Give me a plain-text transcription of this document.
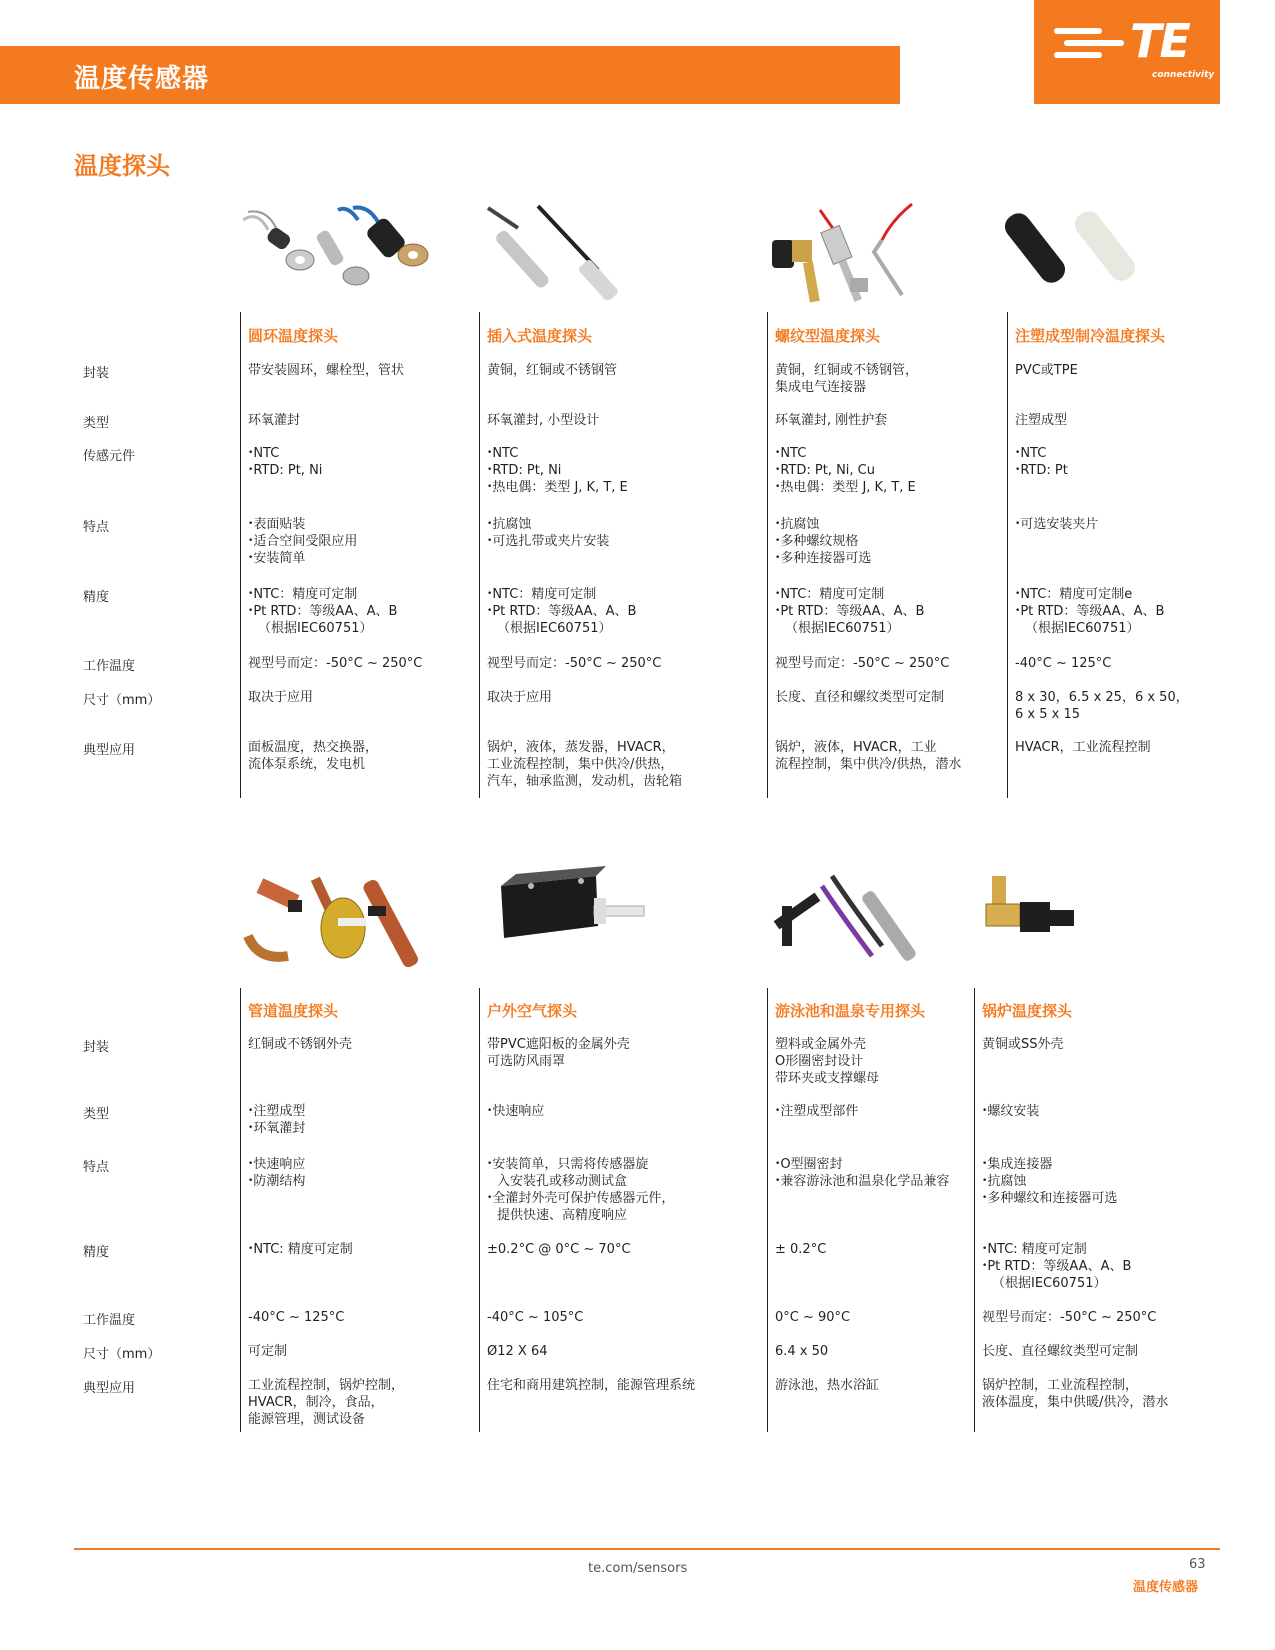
温度传感器
TE
connectivity
温度探头
封装
类型
传感元件
特点
精度
工作温度
尺寸（mm）
典型应用
圆环温度探头
带安装圆环，螺栓型，管状
环氧灌封
• NTC
• RTD: Pt, Ni
• 表面贴装
• 适合空间受限应用
• 安装简单
• NTC：精度可定制
• Pt RTD：等级AA、A、B
（根据IEC60751）
视型号而定：-50°C ~ 250°C
取决于应用
面板温度，热交换器，
流体泵系统，发电机
插入式温度探头
黄铜，红铜或不锈钢管
环氧灌封, 小型设计
• NTC
• RTD: Pt, Ni
• 热电偶：类型 J, K, T, E
• 抗腐蚀
• 可选扎带或夹片安装
• NTC：精度可定制
• Pt RTD：等级AA、A、B
（根据IEC60751）
视型号而定：-50°C ~ 250°C
取决于应用
锅炉，液体，蒸发器，HVACR，
工业流程控制，集中供冷/供热，
汽车，轴承监测，发动机，齿轮箱
螺纹型温度探头
黄铜，红铜或不锈钢管，
集成电气连接器
环氧灌封, 刚性护套
• NTC
• RTD: Pt, Ni, Cu
• 热电偶：类型 J, K, T, E
• 抗腐蚀
• 多种螺纹规格
• 多种连接器可选
• NTC：精度可定制
• Pt RTD：等级AA、A、B
（根据IEC60751）
视型号而定：-50°C ~ 250°C
长度、直径和螺纹类型可定制
锅炉，液体，HVACR，工业
流程控制，集中供冷/供热，潜水
注塑成型制冷温度探头
PVC或TPE
注塑成型
• NTC
• RTD: Pt
• 可选安装夹片
• NTC：精度可定制e
• Pt RTD：等级AA、A、B
（根据IEC60751）
-40°C ~ 125°C
8 x 30，6.5 x 25，6 x 50，
6 x 5 x 15
HVACR，工业流程控制
封装
类型
特点
精度
工作温度
尺寸（mm）
典型应用
管道温度探头
红铜或不锈钢外壳
• 注塑成型
• 环氧灌封
• 快速响应
• 防潮结构
• NTC: 精度可定制
-40°C ~ 125°C
可定制
工业流程控制，锅炉控制，
HVACR，制冷，食品，
能源管理，测试设备
户外空气探头
带PVC遮阳板的金属外壳
可选防风雨罩
• 快速响应
• 安装简单，只需将传感器旋
入安装孔或移动测试盒
• 全灌封外壳可保护传感器元件，
提供快速、高精度响应
±0.2°C @ 0°C ~ 70°C
-40°C ~ 105°C
Ø12 X 64
住宅和商用建筑控制，能源管理系统
游泳池和温泉专用探头
塑料或金属外壳
O形圈密封设计
带环夹或支撑螺母
• 注塑成型部件
• O型圈密封
• 兼容游泳池和温泉化学品兼容
± 0.2°C
0°C ~ 90°C
6.4 x 50
游泳池，热水浴缸
锅炉温度探头
黄铜或SS外壳
• 螺纹安装
• 集成连接器
• 抗腐蚀
• 多种螺纹和连接器可选
• NTC: 精度可定制
• Pt RTD：等级AA、A、B
（根据IEC60751）
视型号而定：-50°C ~ 250°C
长度、直径螺纹类型可定制
锅炉控制，工业流程控制，
液体温度，集中供暖/供冷，潜水
te.com/sensors	63
温度传感器
